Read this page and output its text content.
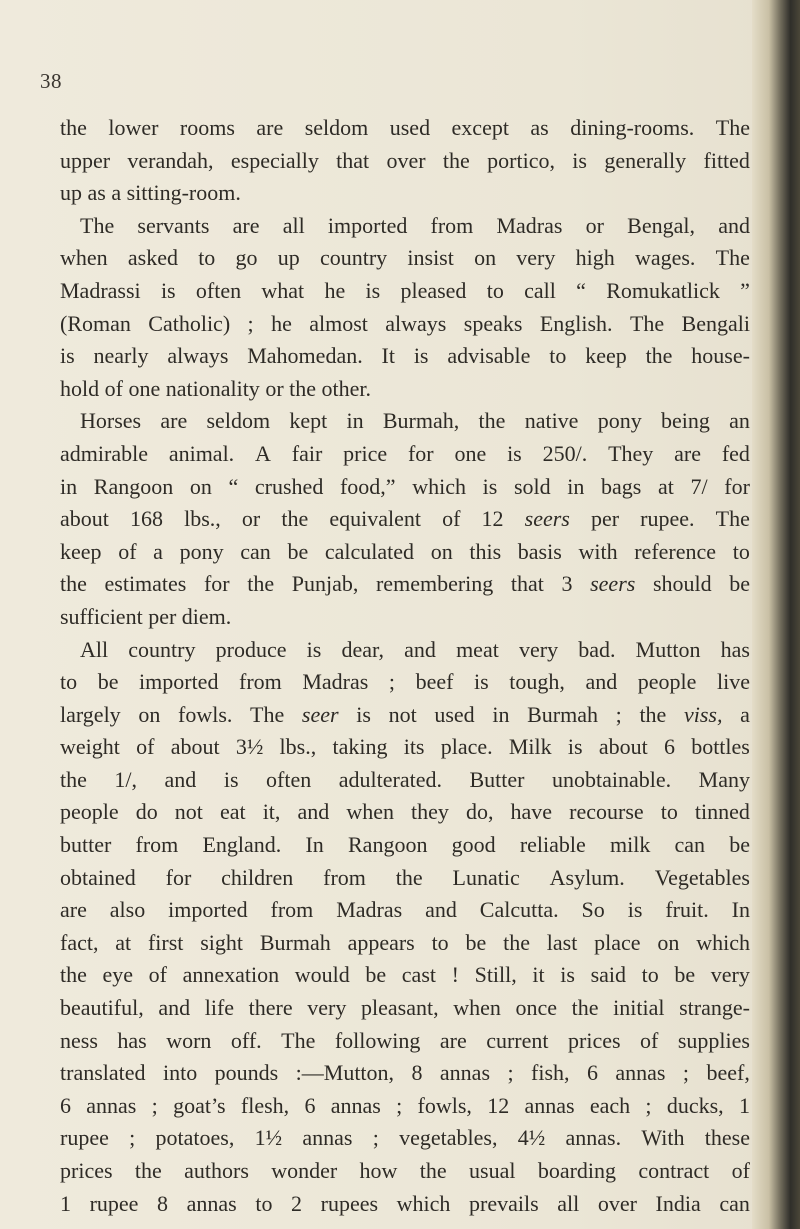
38
the lower rooms are seldom used except as dining-rooms. The
upper verandah, especially that over the portico, is generally fitted
up as a sitting-room.
The servants are all imported from Madras or Bengal, and
when asked to go up country insist on very high wages. The
Madrassi is often what he is pleased to call “ Romukatlick ”
(Roman Catholic) ; he almost always speaks English. The Bengali
is nearly always Mahomedan. It is advisable to keep the house-
hold of one nationality or the other.
Horses are seldom kept in Burmah, the native pony being an
admirable animal. A fair price for one is 250/. They are fed
in Rangoon on “ crushed food,” which is sold in bags at 7/ for
about 168 lbs., or the equivalent of 12 seers per rupee. The
keep of a pony can be calculated on this basis with reference to
the estimates for the Punjab, remembering that 3 seers should be
sufficient per diem.
All country produce is dear, and meat very bad. Mutton has
to be imported from Madras ; beef is tough, and people live
largely on fowls. The seer is not used in Burmah ; the viss, a
weight of about 3½ lbs., taking its place. Milk is about 6 bottles
the 1/, and is often adulterated. Butter unobtainable. Many
people do not eat it, and when they do, have recourse to tinned
butter from England. In Rangoon good reliable milk can be
obtained for children from the Lunatic Asylum. Vegetables
are also imported from Madras and Calcutta. So is fruit. In
fact, at first sight Burmah appears to be the last place on which
the eye of annexation would be cast ! Still, it is said to be very
beautiful, and life there very pleasant, when once the initial strange-
ness has worn off. The following are current prices of supplies
translated into pounds :—Mutton, 8 annas ; fish, 6 annas ; beef,
6 annas ; goat’s flesh, 6 annas ; fowls, 12 annas each ; ducks, 1
rupee ; potatoes, 1½ annas ; vegetables, 4½ annas. With these
prices the authors wonder how the usual boarding contract of
1 rupee 8 annas to 2 rupees which prevails all over India can
